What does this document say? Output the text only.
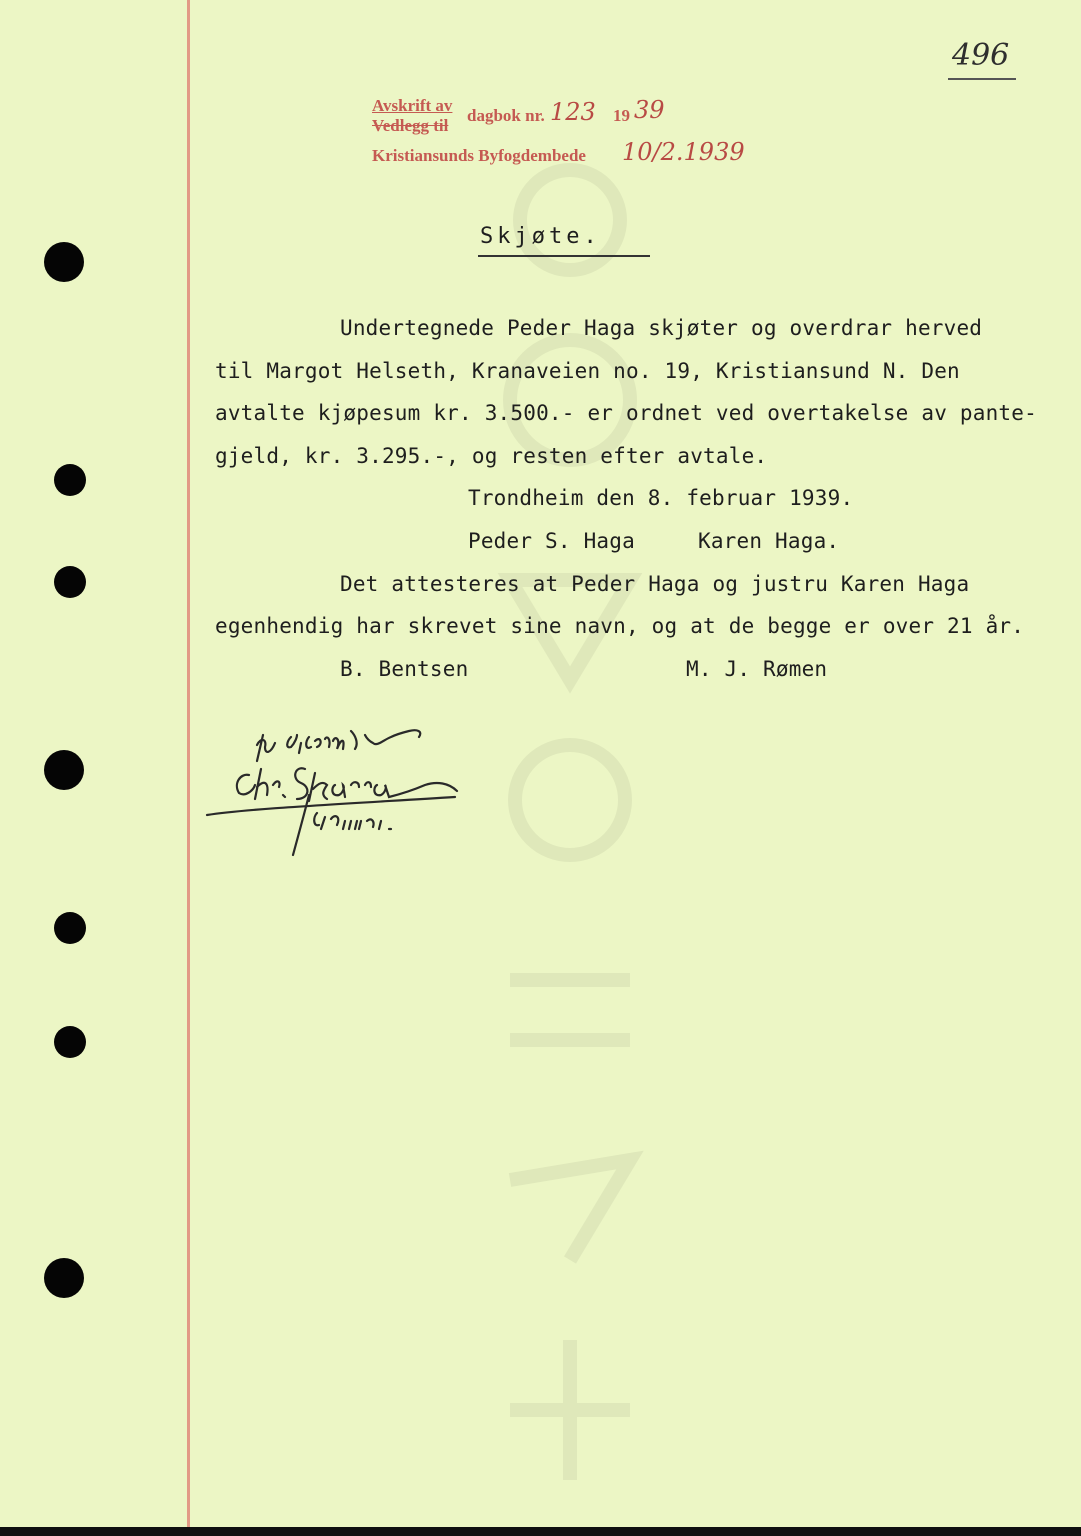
496
Avskrift av
Vedlegg til
dagbok nr. 123 19 39
Kristiansunds Byfogdembede 10/2.1939
Skjøte.
Undertegnede Peder Haga skjøter og overdrar herved
til Margot Helseth, Kranaveien no. 19, Kristiansund N. Den
avtalte kjøpesum kr. 3.500.- er ordnet ved overtakelse av pante-
gjeld, kr. 3.295.-, og resten efter avtale.
Trondheim den 8. februar 1939.
Peder S. Haga	Karen Haga.
Det attesteres at Peder Haga og justru Karen Haga
egenhendig har skrevet sine navn, og at de begge er over 21 år.
B. Bentsen	M. J. Rømen
